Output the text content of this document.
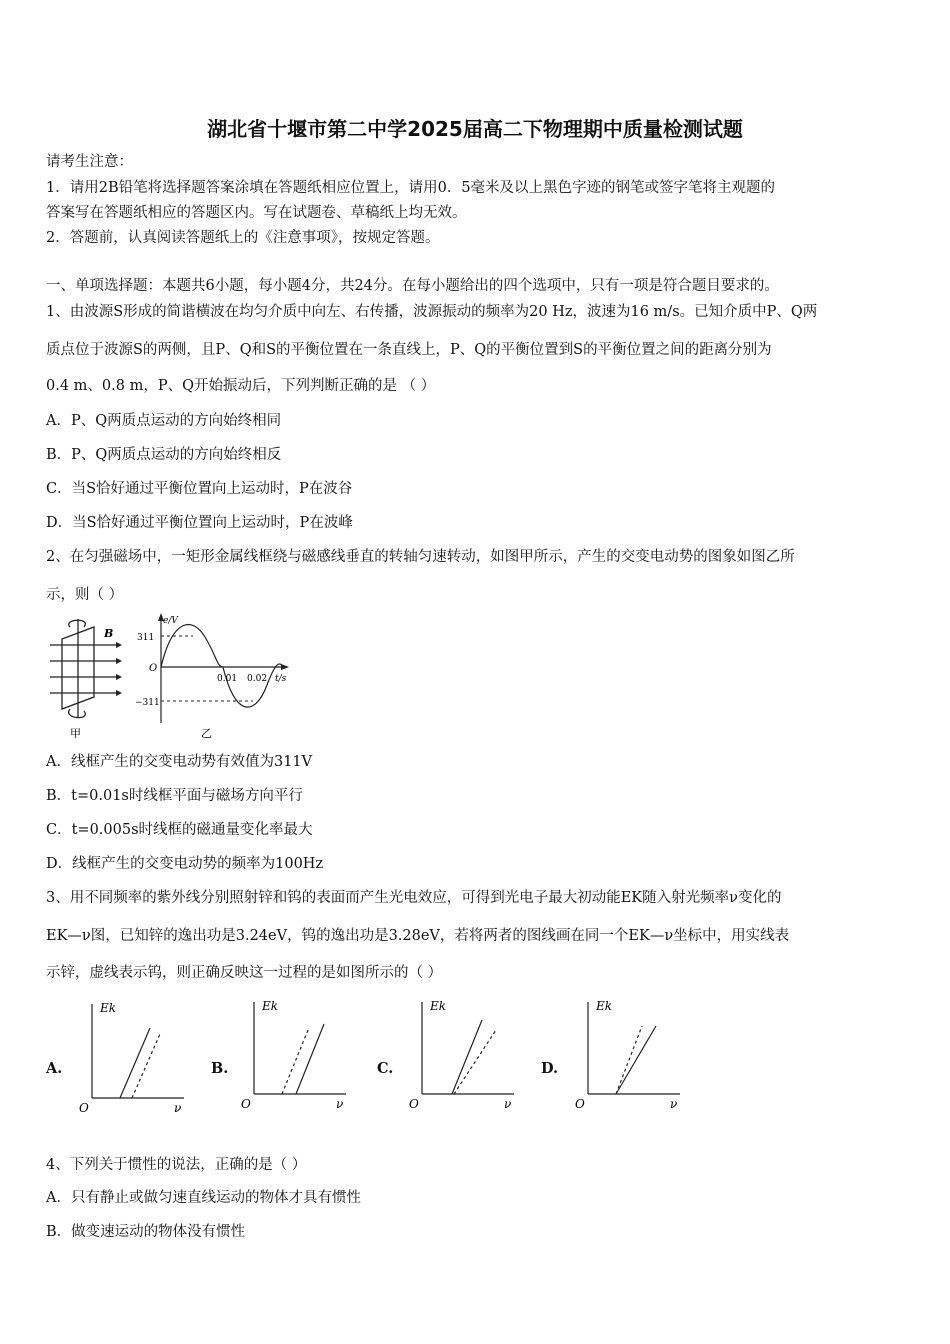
湖北省十堰市第二中学2025届高二下物理期中质量检测试题
请考生注意：
1．请用2B铅笔将选择题答案涂填在答题纸相应位置上，请用0．5毫米及以上黑色字迹的钢笔或签字笔将主观题的
答案写在答题纸相应的答题区内。写在试题卷、草稿纸上均无效。
2．答题前，认真阅读答题纸上的《注意事项》，按规定答题。
一、单项选择题：本题共6小题，每小题4分，共24分。在每小题给出的四个选项中，只有一项是符合题目要求的。
1、由波源S形成的简谐横波在均匀介质中向左、右传播，波源振动的频率为20 Hz，波速为16 m/s。已知介质中P、Q两
质点位于波源S的两侧，且P、Q和S的平衡位置在一条直线上，P、Q的平衡位置到S的平衡位置之间的距离分别为
0.4 m、0.8 m，P、Q开始振动后，下列判断正确的是 （ ）
A．P、Q两质点运动的方向始终相同
B．P、Q两质点运动的方向始终相反
C．当S恰好通过平衡位置向上运动时，P在波谷
D．当S恰好通过平衡位置向上运动时，P在波峰
2、在匀强磁场中，一矩形金属线框绕与磁感线垂直的转轴匀速转动，如图甲所示，产生的交变电动势的图象如图乙所
示，则（ ）
B
甲
e/V
t/s
O
311
−311
0.01 0.02
乙
A．线框产生的交变电动势有效值为311V
B．t=0.01s时线框平面与磁场方向平行
C．t=0.005s时线框的磁通量变化率最大
D．线框产生的交变电动势的频率为100Hz
3、用不同频率的紫外线分别照射锌和钨的表面而产生光电效应，可得到光电子最大初动能EK随入射光频率ν变化的
EK—ν图，已知锌的逸出功是3.24eV，钨的逸出功是3.28eV，若将两者的图线画在同一个EK—ν坐标中，用实线表
示锌，虚线表示钨，则正确反映这一过程的是如图所示的（ ）
A.
Ek
O	ν
B.
Ek
O	ν
C.
Ek
O	ν
D.
Ek
O	ν
4、下列关于惯性的说法，正确的是（ ）
A．只有静止或做匀速直线运动的物体才具有惯性
B．做变速运动的物体没有惯性
